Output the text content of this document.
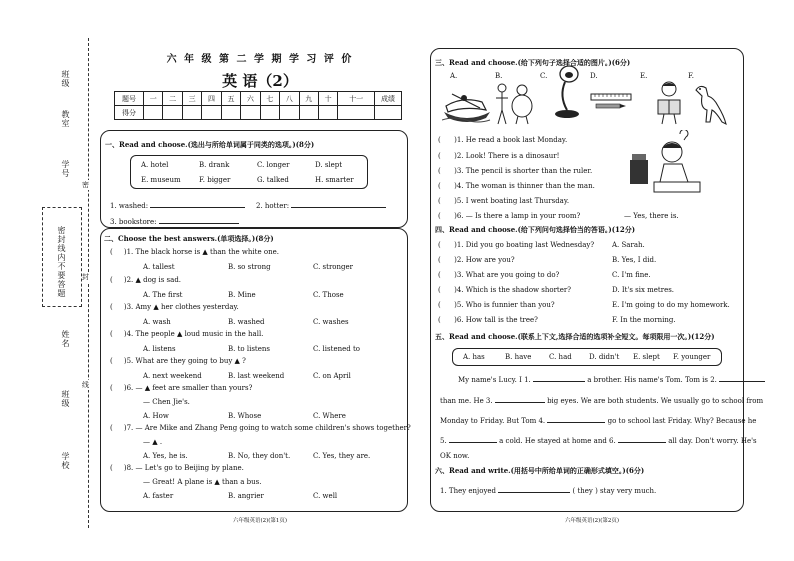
班级
教室
学号
密封线内不要答题
姓名
班级
学校
密
封
线
六 年 级 第 二 学 期 学 习 评 价
英 语（2）
题号	一	二	三	四	五	六	七	八	九	十	十一	成绩
得分												
一、Read and choose.(选出与所给单词属于同类的选项。)(8分)
A. hotel	B. drank	C. longer	D. slept
E. museum	F. bigger	G. talked	H. smarter
1. washed:	2. hotter:
3. bookstore:
二、Choose the best answers.(单项选择。)(8分)
(     )1. The black horse is ▲ than the white one.
A. tallest	B. so strong	C. stronger
(     )2. ▲ dog is sad.
A. The first	B. Mine	C. Those
(     )3. Amy ▲ her clothes yesterday.
A. wash	B. washed	C. washes
(     )4. The people ▲ loud music in the hall.
A. listens	B. to listens	C. listened to
(     )5. What are they going to buy ▲ ?
A. next weekend	B. last weekend	C. on April
(     )6. — ▲ feet are smaller than yours?
— Chen Jie's.
A. How	B. Whose	C. Where
(     )7. — Are Mike and Zhang Peng going to watch some children's shows together?
— ▲ .
A. Yes, he is.	B. No, they don't.	C. Yes, they are.
(     )8. — Let's go to Beijing by plane.
— Great! A plane is ▲ than a bus.
A. faster	B. angrier	C. well
六年级英语(2)(第1页)
三、Read and choose.(给下列句子选择合适的图片。)(6分)
A.	B.	C.	D.	E.	F.
(      )1. He read a book last Monday.
(      )2. Look! There is a dinosaur!
(      )3. The pencil is shorter than the ruler.
(      )4. The woman is thinner than the man.
(      )5. I went boating last Thursday.
(      )6. — Is there a lamp in your room?	— Yes, there is.
四、Read and choose.(给下列问句选择恰当的答语。)(12分)
(      )1. Did you go boating last Wednesday?	A. Sarah.
(      )2. How are you?	B. Yes, I did.
(      )3. What are you going to do?	C. I'm fine.
(      )4. Which is the shadow shorter?	D. It's six metres.
(      )5. Who is funnier than you?	E. I'm going to do my homework.
(      )6. How tall is the tree?	F. In the morning.
五、Read and choose.(联系上下文,选择合适的选项补全短文。每项限用一次。)(12分)
A. has	B. have	C. had D. didn't E. slept F. younger
My name's Lucy. I 1.	a brother. His name's Tom. Tom is 2.
than me. He 3.	big eyes. We are both students. We usually go to school from
Monday to Friday. But Tom 4.	go to school last Friday. Why? Because he
5.	a cold. He stayed at home and 6.	all day. Don't worry. He's
OK now.
六、Read and write.(用括号中所给单词的正确形式填空。)(6分)
1. They enjoyed	( they ) stay very much.
六年级英语(2)(第2页)
